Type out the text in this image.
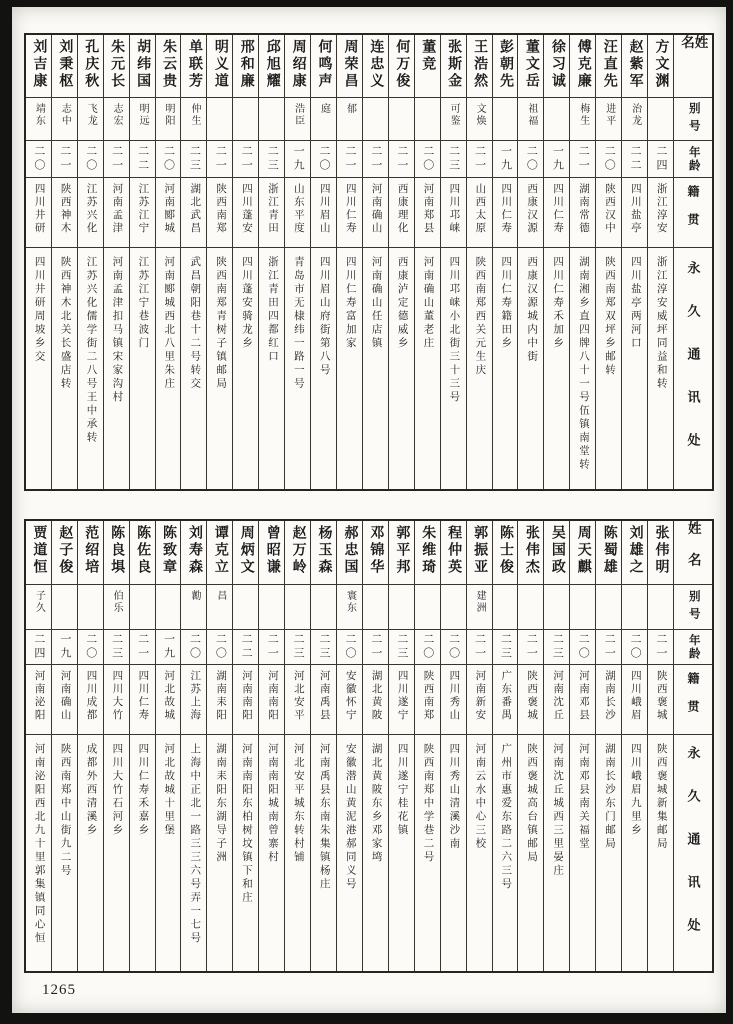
姓名
别号
年龄
籍贯
永久通讯处
方文渊
二四
浙江淳安
浙江淳安威坪同益和转
赵紫军
治龙
二二
四川盐亭
四川盐亭两河口
汪直先
进平
二〇
陕西汉中
陕西南郑双坪乡邮转
傅克廉
梅生
二一
湖南常德
湖南湘乡直四牌八十一号伍镇南堂转
徐习诚
一九
四川仁寿
四川仁寿禾加乡
董文岳
祖福
二〇
西康汉源
西康汉源城内中街
彭朝先
一九
四川仁寿
四川仁寿籍田乡
王浩然
文焕
二一
山西太原
陕西南郑西关元生庆
张斯金
可鉴
二三
四川邛崃
四川邛崃小北街三十三号
董竞
二〇
河南郑县
河南确山董老庄
何万俊
二一
西康理化
西康泸定德威乡
连忠义
二一
河南确山
河南确山任店镇
周荣昌
郁
二一
四川仁寿
四川仁寿富加家
何鸣声
庭
二〇
四川眉山
四川眉山府街第八号
周绍康
浩臣
一九
山东平度
青岛市无棣纬一路一号
邱旭耀
二三
浙江青田
浙江青田四都红口
邢和廉
二一
四川蓬安
四川蓬安骑龙乡
明义道
二一
陕西南郑
陕西南郑青树子镇邮局
单联芳
仲生
二三
湖北武昌
武昌朝阳巷十二号转交
朱云贵
明阳
二〇
河南郾城
河南郾城西北八里朱庄
胡纬国
明远
二二
江苏江宁
江苏江宁巷波门
朱元长
志宏
二一
河南孟津
河南孟津扣马镇宋家沟村
孔庆秋
飞龙
二〇
江苏兴化
江苏兴化儒学街二八号王中承转
刘秉枢
志中
二一
陕西神木
陕西神木北关长盛店转
刘吉康
靖东
二〇
四川井研
四川井研周坡乡交
姓名
别号
年龄
籍贯
永久通讯处
张伟明
二一
陕西褒城
陕西褒城新集邮局
刘雄之
二〇
四川峨眉
四川峨眉九里乡
陈蜀雄
二一
湖南长沙
湖南长沙东门邮局
周天麒
二〇
河南邓县
河南邓县南关福堂
吴国政
二三
河南沈丘
河南沈丘城西三里晏庄
张伟杰
二一
陕西褒城
陕西褒城高台镇邮局
陈士俊
二三
广东番禺
广州市惠爱东路二六三号
郭振亚
建洲
二一
河南新安
河南云水中心三校
程仲英
二〇
四川秀山
四川秀山清溪沙南
朱维琦
二〇
陕西南郑
陕西南郑中学巷二号
郭平邦
二三
四川遂宁
四川遂宁桂花镇
邓锦华
二一
湖北黄陂
湖北黄陂东乡邓家塆
郝忠国
寰东
二〇
安徽怀宁
安徽潜山黄泥港郝同义号
杨玉森
二三
河南禹县
河南禹县东南朱集镇杨庄
赵万岭
二三
河北安平
河北安平城东转村铺
曾昭谦
二一
河南南阳
河南南阳城南曾寨村
周炳文
二二
河南南阳
河南南阳东柏树坟镇下和庄
谭克立
昌
二〇
湖南耒阳
湖南耒阳东湖导子洲
刘寿森
勷
二〇
江苏上海
上海中正北一路三三六号弄一七号
陈致章
一九
河北故城
河北故城十里堡
陈佐良
二一
四川仁寿
四川仁寿禾嘉乡
陈良埧
伯乐
二三
四川大竹
四川大竹石河乡
范绍培
二〇
四川成都
成都外西清溪乡
赵子俊
一九
河南确山
陕西南郑中山街九二号
贾道恒
子久
二四
河南泌阳
河南泌阳西北九十里郭集镇同心恒
1265
